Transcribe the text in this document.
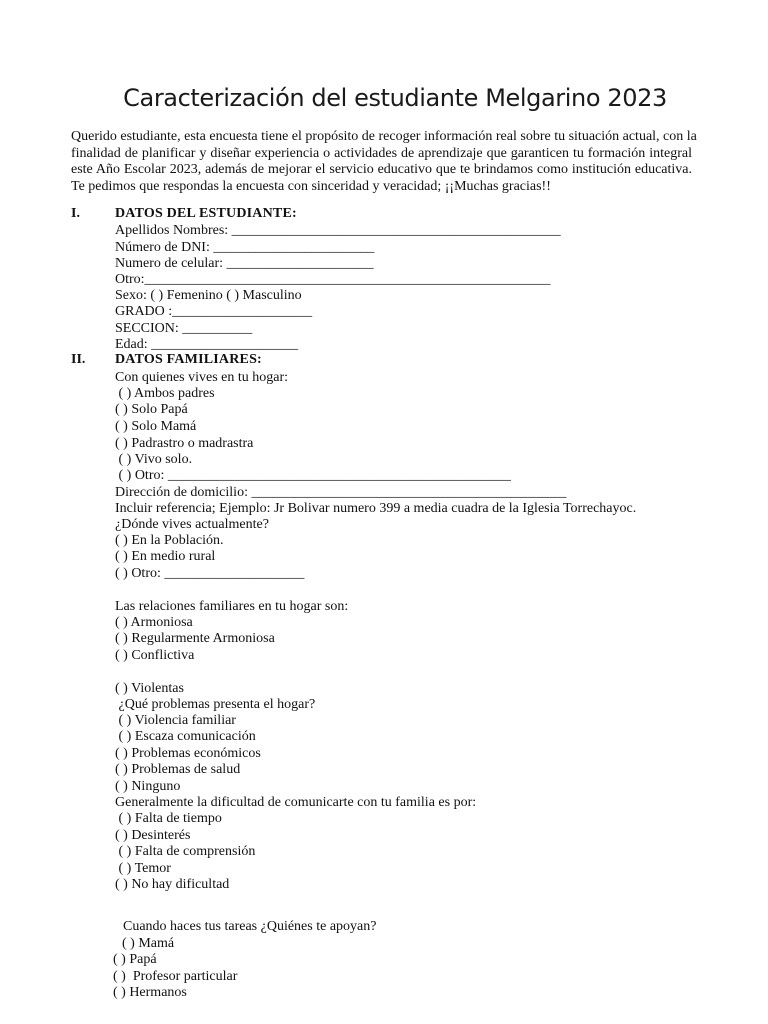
Caracterización del estudiante Melgarino 2023
Querido estudiante, esta encuesta tiene el propósito de recoger información real sobre tu situación actual, con la
finalidad de planificar y diseñar experiencia o actividades de aprendizaje que garanticen tu formación integral
este Año Escolar 2023, además de mejorar el servicio educativo que te brindamos como institución educativa.
Te pedimos que respondas la encuesta con sinceridad y veracidad; ¡¡Muchas gracias!!
I.	DATOS DEL ESTUDIANTE:
Apellidos Nombres: _______________________________________________
Número de DNI: _______________________
Numero de celular: _____________________
Otro:__________________________________________________________
Sexo: ( ) Femenino ( ) Masculino
GRADO :____________________
SECCION: __________
Edad: _____________________
II. DATOS FAMILIARES:
Con quienes vives en tu hogar:
( ) Ambos padres
( ) Solo Papá
( ) Solo Mamá
( ) Padrastro o madrastra
( ) Vivo solo.
( ) Otro: _________________________________________________
Dirección de domicilio: _____________________________________________
Incluir referencia; Ejemplo: Jr Bolivar numero 399 a media cuadra de la Iglesia Torrechayoc.
¿Dónde vives actualmente?
( ) En la Población.
( ) En medio rural
( ) Otro: ____________________
Las relaciones familiares en tu hogar son:
( ) Armoniosa
( ) Regularmente Armoniosa
( ) Conflictiva
( ) Violentas
¿Qué problemas presenta el hogar?
( ) Violencia familiar
( ) Escaza comunicación
( ) Problemas económicos
( ) Problemas de salud
( ) Ninguno
Generalmente la dificultad de comunicarte con tu familia es por:
( ) Falta de tiempo
( ) Desinterés
( ) Falta de comprensión
( ) Temor
( ) No hay dificultad
Cuando haces tus tareas ¿Quiénes te apoyan?
( ) Mamá
( ) Papá
( )  Profesor particular
( ) Hermanos
